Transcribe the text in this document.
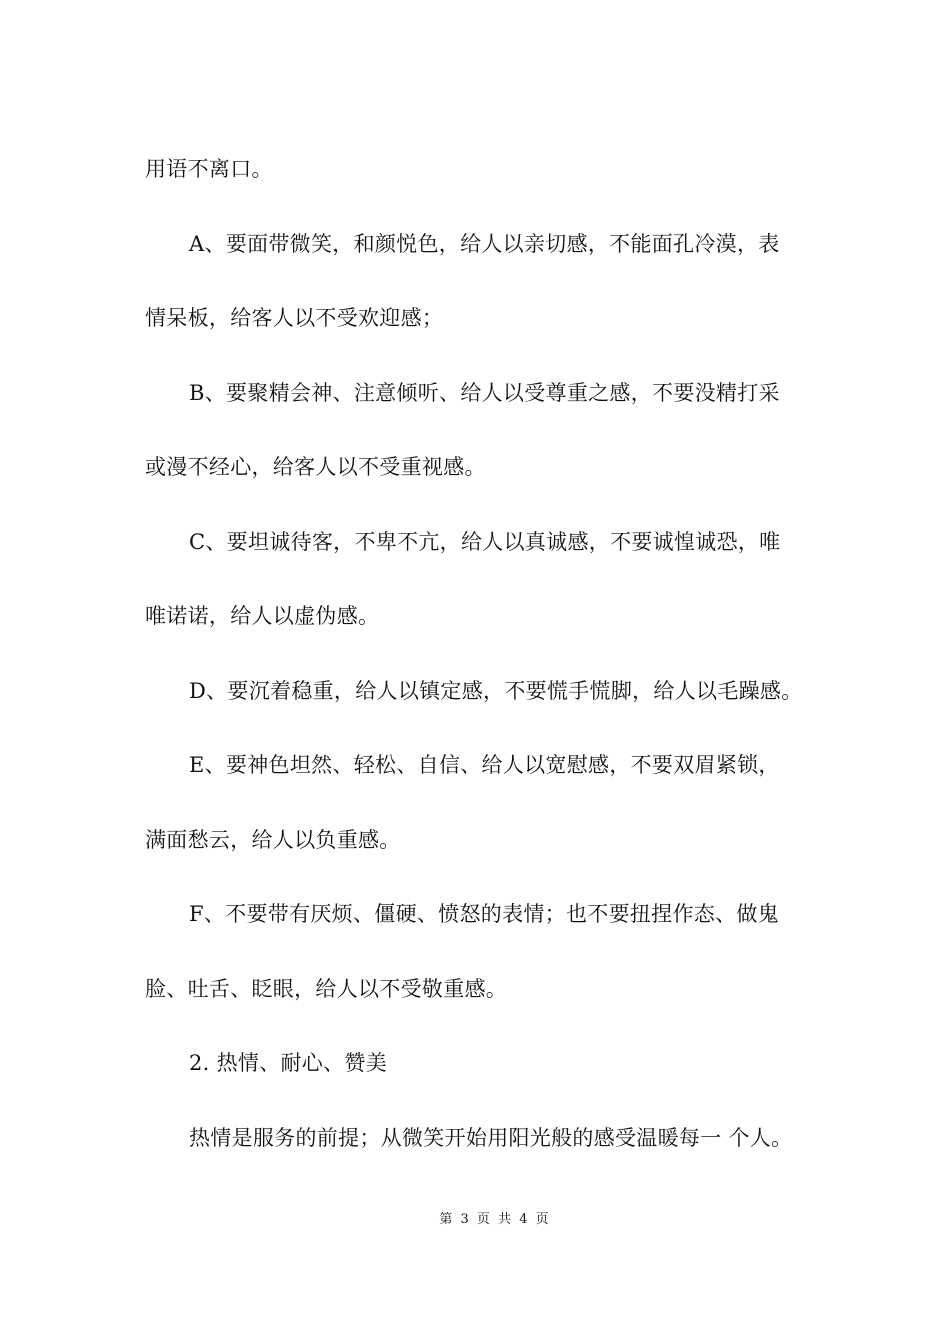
用语不离口。
A、要面带微笑，和颜悦色，给人以亲切感，不能面孔冷漠，表
情呆板，给客人以不受欢迎感；
B、要聚精会神、注意倾听、给人以受尊重之感，不要没精打采
或漫不经心，给客人以不受重视感。
C、要坦诚待客，不卑不亢，给人以真诚感，不要诚惶诚恐，唯
唯诺诺，给人以虚伪感。
D、要沉着稳重，给人以镇定感，不要慌手慌脚，给人以毛躁感。
E、要神色坦然、轻松、自信、给人以宽慰感，不要双眉紧锁，
满面愁云，给人以负重感。
F、不要带有厌烦、僵硬、愤怒的表情；也不要扭捏作态、做鬼
脸、吐舌、眨眼，给人以不受敬重感。
2. 热情、耐心、赞美
热情是服务的前提；从微笑开始用阳光般的感受温暖每一 个人。
第 3 页 共 4 页
